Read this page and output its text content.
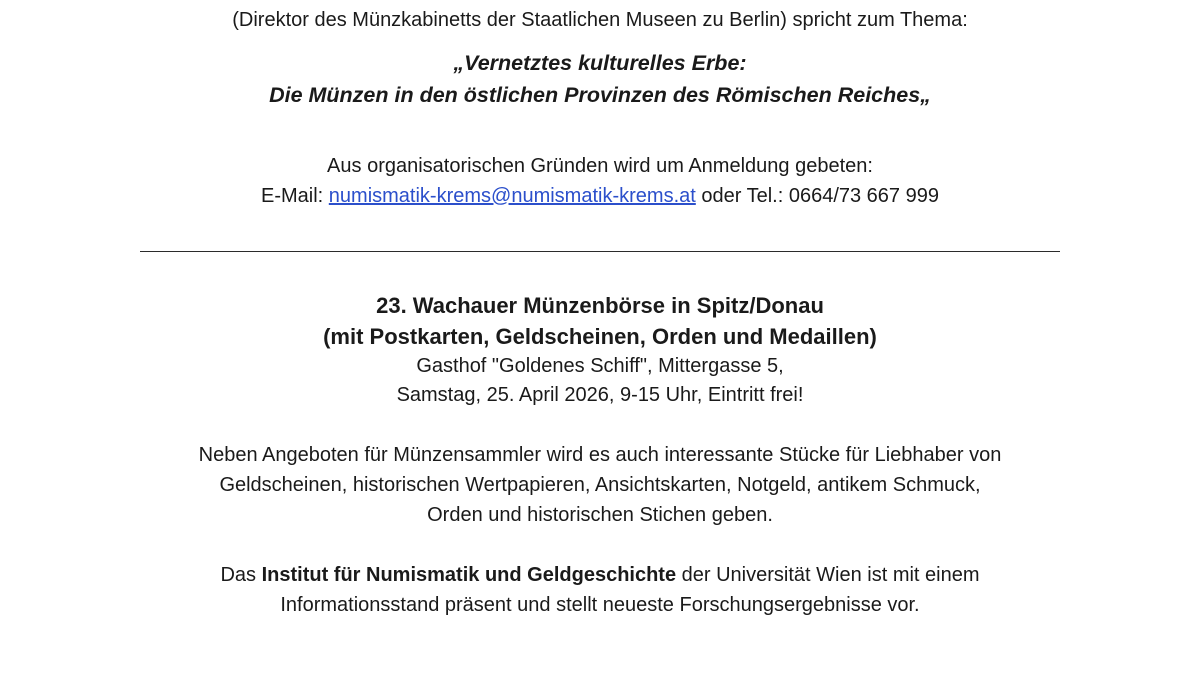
(Direktor des Münzkabinetts der Staatlichen Museen zu Berlin) spricht zum Thema:
„Vernetztes kulturelles Erbe:
Die Münzen in den östlichen Provinzen des Römischen Reiches„
Aus organisatorischen Gründen wird um Anmeldung gebeten:
E-Mail: numismatik-krems@numismatik-krems.at oder Tel.: 0664/73 667 999
23. Wachauer Münzenbörse in Spitz/Donau
(mit Postkarten, Geldscheinen, Orden und Medaillen)
Gasthof "Goldenes Schiff", Mittergasse 5,
Samstag, 25. April 2026, 9-15 Uhr, Eintritt frei!
Neben Angeboten für Münzensammler wird es auch interessante Stücke für Liebhaber von
Geldscheinen, historischen Wertpapieren, Ansichtskarten, Notgeld, antikem Schmuck,
Orden und historischen Stichen geben.
Das Institut für Numismatik und Geldgeschichte der Universität Wien ist mit einem
Informationsstand präsent und stellt neueste Forschungsergebnisse vor.
